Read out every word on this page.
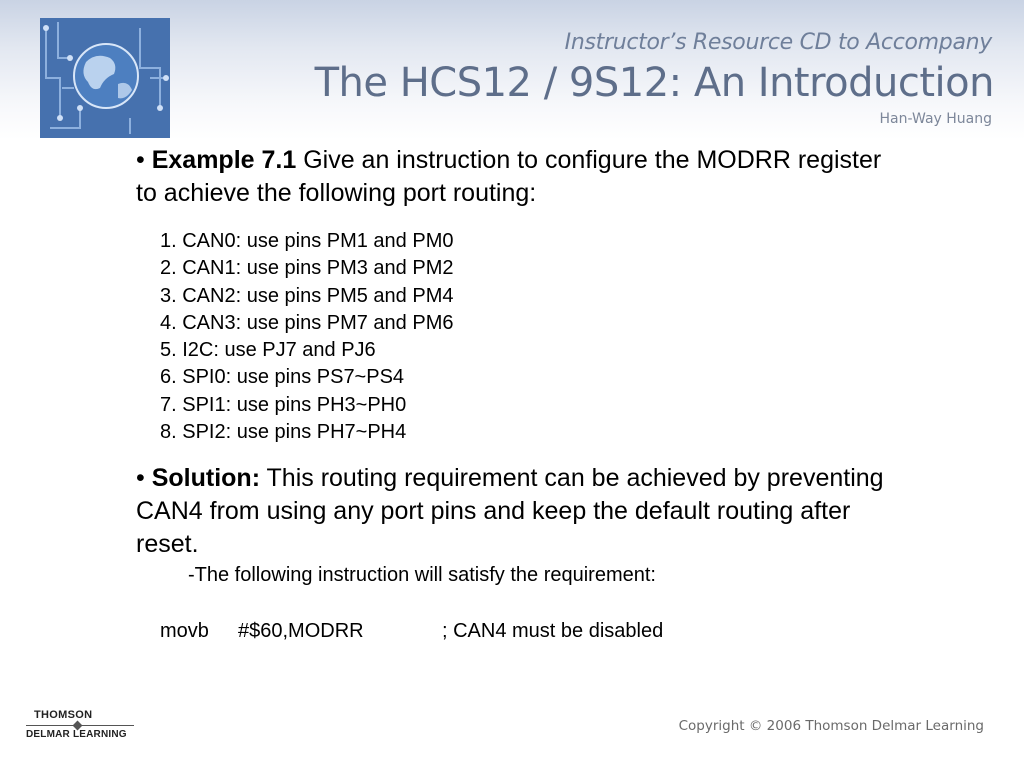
Instructor’s Resource CD to Accompany
The HCS12 / 9S12: An Introduction
Han-Way Huang

• Example 7.1 Give an instruction to configure the MODRR register to achieve the following port routing:

1. CAN0: use pins PM1 and PM0
2. CAN1: use pins PM3 and PM2
3. CAN2: use pins PM5 and PM4
4. CAN3: use pins PM7 and PM6
5. I2C: use PJ7 and PJ6
6. SPI0: use pins PS7~PS4
7. SPI1: use pins PH3~PH0
8. SPI2: use pins PH7~PH4

• Solution: This routing requirement can be achieved by preventing CAN4 from using any port pins and keep the default routing after reset.

-The following instruction will satisfy the requirement:

movb #$60,MODRR	; CAN4 must be disabled
THOMSON
DELMAR LEARNING
Copyright © 2006 Thomson Delmar Learning
